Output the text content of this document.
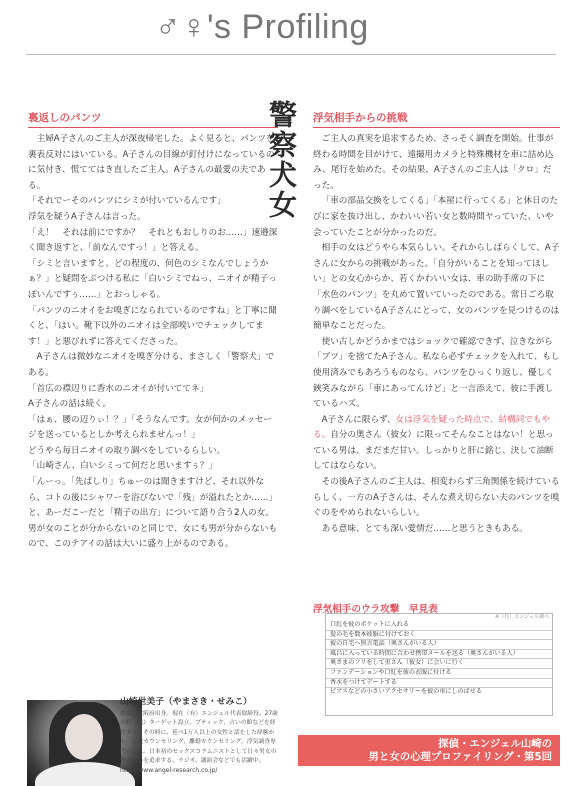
♂♀'s Profiling
警察犬女
裏返しのパンツ

主婦A子さんのご主人が深夜帰宅した。よく見ると、パンツを裏表反対にはいている。A子さんの目線が釘付けになっているのに気付き、慌ててはき直したご主人。A子さんの最愛の夫である。

「それでーそのパンツにシミが付いているんです」

浮気を疑うA子さんは言った。

「え！　それは前にですか？　それともおしりのお……」速邉深く聞き返すと、「前なんですっ！」と答える。

「シミと言いますと、どの程度の、何色のシミなんでしょうかぁ？」と疑問をぶつける私に「白いシミでねっ、ニオイが精子っぽいんですぅ……」とおっしゃる。

「パンツのニオイをお嗅ぎになられているのですね」と丁寧に聞くと、「はい。靴下以外のニオイは全部嗅いでチェックしてます！」と悪びれずに答えてくださった。

A子さんは微妙なニオイを嗅ぎ分ける、まさしく「警察犬」である。

「首広の襟辺りに香水のニオイが付いててネ」

A子さんの話は続く。

「はぁ、腰の辺りぃ！？」「そうなんです。女が何かのメッセージを送っているとしか考えられませんっ！」

どうやら毎日ニオイの取り調べをしているらしい。

「山崎さん、白いシミって何だと思いますぅ？」

「んーっ。「先ばしり」ちゅーのは聞きますけど、それ以外なら、コトの後にシャワーを浴びないで「残」が溢れたとか……」と、あーだこーだと「精子の出方」について語り合う2人の女。男が女のことが分からないのと同じで、女にも男が分からないもので、このテアイの話は大いに盛り上がるのである。

浮気相手からの挑戦

ご主人の真実を追求するため、さっそく調査を開始。仕事が終わる時間を目がけて、遠撮用カメラと特殊機材を車に詰め込み、尾行を始めた。その結果、A子さんのご主人は「クロ」だった。

「車の部品交換をしてくる」「本屋に行ってくる」と休日のたびに家を抜け出し、かわいい若い女と数時間ヤっていた、いや会っていたことが分かったのだ。

相手の女はどうやら本気らしい。それからしばらくして、A子さんに女からの挑戦があった。「自分がいることを知ってほしい」との女心からか、若くかわいい女は、車の助手席の下に「水色のパンツ」を丸めて置いていったのである。常日ごろ取り調べをしているA子さんにとって、女のパンツを見つけるのは簡単なことだった。

使い古しかどうかまではショックで確認できず、泣きながら「ブツ」を捨てたA子さん。私なら必ずチェックを入れて、もし使用済みでもあろうものなら、パンツをひっくり返し、優しく鋏笑みながら「車にあってんけど」と一言添えて、彼に手渡しているハズ。

A子さんに限らず、女は浮気を疑った時点で、結構同でもやる。自分の奥さん（彼女）に限ってそんなことはない！と思っている男は、まだまだ甘い。しっかりと肝に銘じ、決して油断してはならない。

その後A子さんのご主人は、相変わらず三角関係を続けているらしく、一方のA子さんは、そんな煮え切らない夫のパンツを嗅ぐのをやめられないらしい。

ある意味、とても深い愛情だ……と思うときもある。

浮気相手のウラ攻撃　早見表
※（有）エンジェル調べ
口紅を彼のポケットに入れる
髪の毛を数本彼服に付けておく
彼の自宅へ無言電話（奥さんがいる人）
風呂に入っている時間に合わせ携帯メールを送る（奥さんがいる人）
奥さまのフリをして重さん（彼女）に会いに行く
ファンデーションや口紅を彼の衣服に付ける
香水をつけてデートする
ピアスなどの小さいアクセサリーを彼の車にしのばせる
山崎世美子（やまさき・せみこ）
探偵。大阪府出身。現在（有）エンジェル代表取締役。27歳の時（株）ターゲット設立。ブティック、占いの館などを経営する。その時に、延べ1万人以上の女性と話をした経験から、恋愛カウンセリング、離婚カウンセリング、浮気調査専門の道へ。日本初のセックスコラムニストとして日々男女の性の違いを追求する。ラジオ、講演会などでも活躍中。
http://www.angel-research.co.jp/
探偵・エンジェル山崎の
男と女の心理プロファイリング・第5回
